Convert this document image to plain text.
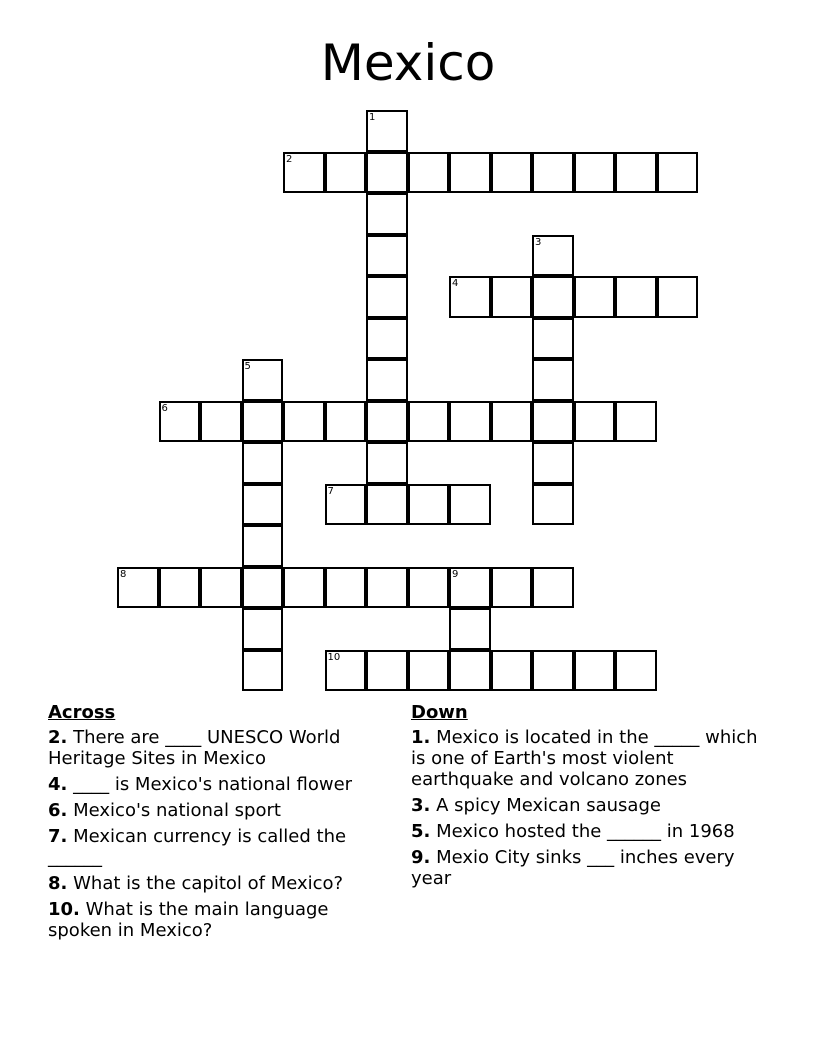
Mexico
1
2
3
4
5
6
7
8	9
10
Across
2. There are ____ UNESCO World Heritage Sites in Mexico
4. ____ is Mexico's national flower
6. Mexico's national sport
7. Mexican currency is called the ______
8. What is the capitol of Mexico?
10. What is the main language spoken in Mexico?
Down
1. Mexico is located in the _____ which is one of Earth's most violent earthquake and volcano zones
3. A spicy Mexican sausage
5. Mexico hosted the ______ in 1968
9. Mexio City sinks ___ inches every year
